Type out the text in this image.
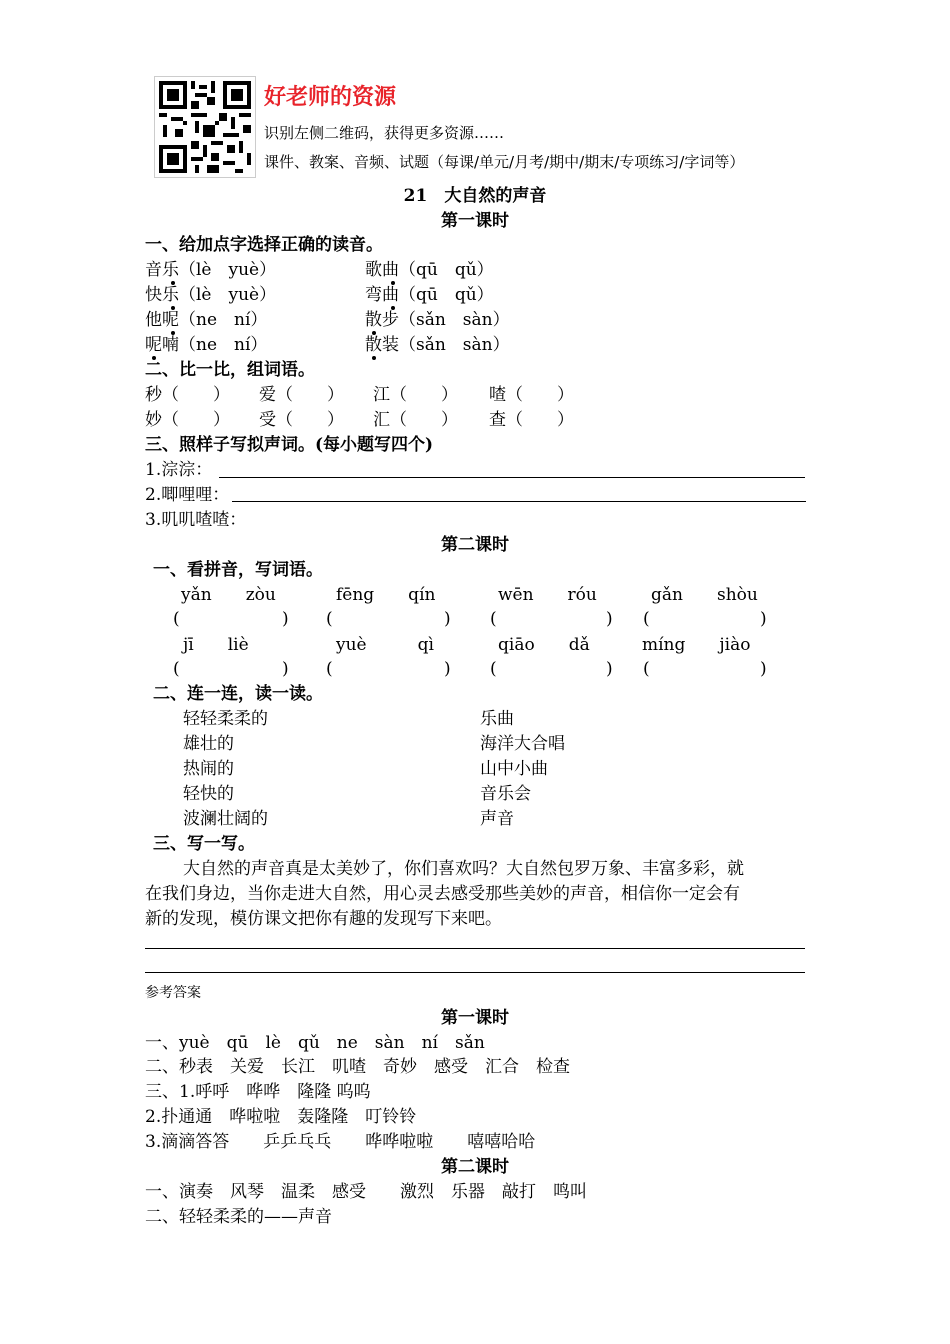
好老师的资源
识别左侧二维码，获得更多资源……
课件、教案、音频、试题（每课/单元/月考/期中/期末/专项练习/字词等）
21　大自然的声音
第一课时
一、给加点字选择正确的读音。
音乐（lè　yuè）	歌曲（qū　qǔ）
快乐（lè　yuè）	弯曲（qū　qǔ）
他呢（ne　ní）	散步（sǎn　sàn）
呢喃（ne　ní）	散装（sǎn　sàn）
二、比一比，组词语。
秒（　　） 爱（　　） 江（　　） 喳（　　）
妙（　　） 受（　　） 汇（　　） 查（　　）
三、照样子写拟声词。(每小题写四个)
1.淙淙：
2.唧哩哩：
3.叽叽喳喳：
第二课时
一、看拼音，写词语。
yǎn　　zòu	fēng　　qín	wēn　　róu	gǎn　　shòu
(	) (	) (	) (	)
jī　　liè	yuè　　　qì	qiāo　　dǎ	míng　　jiào
(	) (	) (	) (	)
二、连一连，读一读。
轻轻柔柔的	乐曲
雄壮的	海洋大合唱
热闹的	山中小曲
轻快的	音乐会
波澜壮阔的	声音
三、写一写。
大自然的声音真是太美妙了，你们喜欢吗？大自然包罗万象、丰富多彩，就
在我们身边，当你走进大自然，用心灵去感受那些美妙的声音，相信你一定会有
新的发现，模仿课文把你有趣的发现写下来吧。
参考答案
第一课时
一、yuè　qū　lè　qǔ　ne　sàn　ní　sǎn
二、秒表　关爱　长江　叽喳　奇妙　感受　汇合　检查
三、1.呼呼　哗哗　隆隆 呜呜
2.扑通通　哗啦啦　轰隆隆　叮铃铃
3.滴滴答答　　乒乒乓乓　　哗哗啦啦　　嘻嘻哈哈
第二课时
一、演奏　风琴　温柔　感受　　激烈　乐器　敲打　鸣叫
二、轻轻柔柔的——声音
